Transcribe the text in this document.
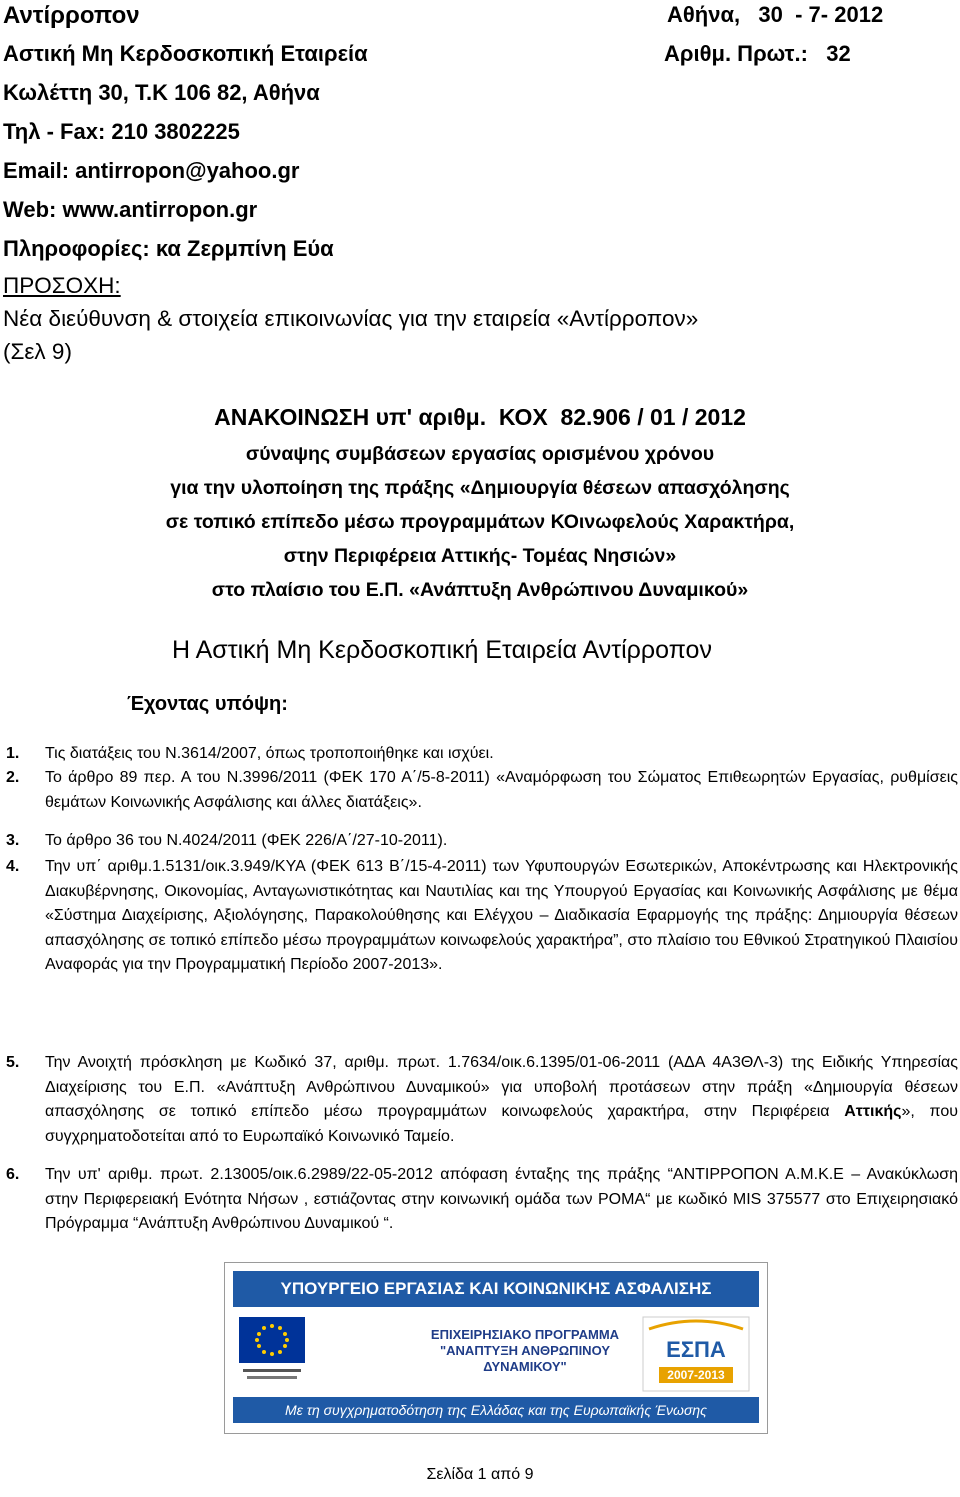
Αντίρροπον
Αστική Μη Κερδοσκοπική Εταιρεία
Κωλέττη 30, Τ.Κ 106 82, Αθήνα
Τηλ - Fax: 210 3802225
Email: antirropon@yahoo.gr
Web: www.antirropon.gr
Πληροφορίες: κα Ζερμπίνη Εύα
Αθήνα,   30  - 7- 2012
Αριθμ. Πρωτ.:   32
ΠΡΟΣΟΧΗ:
Νέα διεύθυνση & στοιχεία επικοινωνίας για την εταιρεία «Αντίρροπον»
(Σελ 9)
ΑΝΑΚΟΙΝΩΣΗ υπ' αριθμ.  ΚΟΧ  82.906 / 01 / 2012
σύναψης συμβάσεων εργασίας ορισμένου χρόνου
για την υλοποίηση της πράξης «Δημιουργία θέσεων απασχόλησης
σε τοπικό επίπεδο μέσω προγραμμάτων ΚΟινωφελούς Χαρακτήρα,
στην Περιφέρεια Αττικής- Τομέας Νησιών»
στο πλαίσιο του Ε.Π. «Ανάπτυξη Ανθρώπινου Δυναμικού»
Η Αστική Μη Κερδοσκοπική Εταιρεία Αντίρροπον
Έχοντας υπόψη:
1. Τις διατάξεις του Ν.3614/2007, όπως τροποποιήθηκε και ισχύει.
2. Το άρθρο 89 περ. Α του Ν.3996/2011 (ΦΕΚ 170 Α΄/5-8-2011) «Αναμόρφωση του Σώματος Επιθεωρητών Εργασίας, ρυθμίσεις θεμάτων Κοινωνικής Ασφάλισης και άλλες διατάξεις».
3. Το άρθρο 36 του Ν.4024/2011 (ΦΕΚ 226/Α΄/27-10-2011).
4. Την υπ΄ αριθμ.1.5131/οικ.3.949/ΚΥΑ (ΦΕΚ 613 Β΄/15-4-2011) των Υφυπουργών Εσωτερικών, Αποκέντρωσης και Ηλεκτρονικής Διακυβέρνησης, Οικονομίας, Ανταγωνιστικότητας και Ναυτιλίας και της Υπουργού Εργασίας και Κοινωνικής Ασφάλισης με θέμα «Σύστημα Διαχείρισης, Αξιολόγησης, Παρακολούθησης και Ελέγχου – Διαδικασία Εφαρμογής της πράξης: Δημιουργία θέσεων απασχόλησης σε τοπικό επίπεδο μέσω προγραμμάτων κοινωφελούς χαρακτήρα”, στο πλαίσιο του Εθνικού Στρατηγικού Πλαισίου Αναφοράς για την Προγραμματική Περίοδο 2007-2013».
5. Την Ανοιχτή πρόσκληση με Κωδικό 37, αριθμ. πρωτ. 1.7634/οικ.6.1395/01-06-2011 (ΑΔΑ 4Α3ΘΛ-3) της Ειδικής Υπηρεσίας Διαχείρισης του Ε.Π. «Ανάπτυξη Ανθρώπινου Δυναμικού» για υποβολή προτάσεων στην πράξη «Δημιουργία θέσεων απασχόλησης σε τοπικό επίπεδο μέσω προγραμμάτων κοινωφελούς χαρακτήρα, στην Περιφέρεια Αττικής», που συγχρηματοδοτείται από το Ευρωπαϊκό Κοινωνικό Ταμείο.
6. Την υπ' αριθμ. πρωτ. 2.13005/οικ.6.2989/22-05-2012 απόφαση ένταξης της πράξης “ΑΝΤΙΡΡΟΠΟΝ Α.Μ.Κ.Ε – Ανακύκλωση στην Περιφερειακή Ενότητα Νήσων , εστιάζοντας στην κοινωνική ομάδα των ΡΟΜΑ“ με κωδικό MIS 375577 στο Επιχειρησιακό Πρόγραμμα “Ανάπτυξη Ανθρώπινου Δυναμικού “.
ΥΠΟΥΡΓΕΙΟ ΕΡΓΑΣΙΑΣ ΚΑΙ ΚΟΙΝΩΝΙΚΗΣ ΑΣΦΑΛΙΣΗΣ
ΕΠΙΧΕΙΡΗΣΙΑΚΟ ΠΡΟΓΡΑΜΜΑ
"ΑΝΑΠΤΥΞΗ ΑΝΘΡΩΠΙΝΟΥ ΔΥΝΑΜΙΚΟΥ"
ΕΣΠΑ
2007-2013
Με τη συγχρηματοδότηση της Ελλάδας και της Ευρωπαϊκής Ένωσης
Σελίδα 1 από 9
